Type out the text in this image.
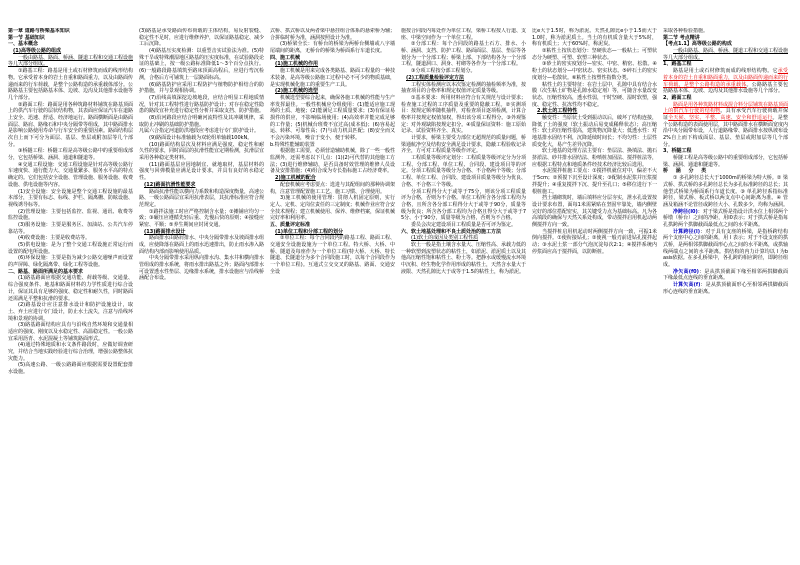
第一章 道路与桥梁基本知识

第一节 基础知识

一、基本概念

(1)高等级公路的组成

一般由路基、路面、桥涵、隧道工程和交通工程设施等几大部分组成。

①路基工程：路基是用土或石材修筑而成的线形结构物。它承受着本身的岩土自重和路面重力，以及由路面传递而来的行车荷载，是整个公路构造的承重载体部分。公路路基主要包括路基本体、边坡、边沟及其他排水设施等几个部分。

②路面工程：路面是用各种筑路材料铺筑在路基顶面上的供汽车行驶的层状结构物，其表面应保证汽车在道路上安全、迅速、舒适、经济地运行。路面横断面是由路面面层、路肩、路缘石和中央分隔带等组成，其中路面排水是影响公路使用寿命与行车安全的重要因素。路面结构层次自上而下可分为面层、基层、垫层或附加层等几个部分。

③桥隧工程：桥隧工程是高等级公路中的重要组成部分，它包括桥梁、涵洞、通道和隧道等。

④交通工程设施：交通工程设施是针对高等级公路行车速度快、通行能力大、交通量繁多、服务水平高的特点确定的。它们包括安全设施、管理设施、服务设施、收费设施、供电设施等内容。

(1)安全设施：安全设施是整个交通工程设施的最基本部分，主要有标志、标线、护栏、隔离栅、防眩设施、视线诱导标等。

(2)管理设施：主要包括监控、监视、通讯、收费等监控设施。

(3)服务设施：主要是服务区、加油站、公共汽车停靠站等。

(4)收费设施：主要是收费站等。

(5)供电设施：是为了整个交通工程设施正常运行而设置的配电所设施。

(6)环保设施：主要是指为减少公路交通噪声而设置的声屏障、绿化隔离带、绿化工程等设施。

二、路基、路面所满足的基本要求

(1)路基路面应根据交通功能、荷载等级、交通量、综合强度条件、地基和路面材料的力学性质进行综合设计，保证其具有足够的强度、稳定性和耐久性，同时路面还需满足平整和抗滑的要求。

(2)路基设计应注意排水设计和防护设施设计，取土、弃土应进行专门设计，防止水土流失，注意与沿线环境和景观的协调。

(3)路基路面结构应具有与沿线自然环境和交通量相适应的强度、刚度以及水稳定性、高温稳定性。一般公路宜采用沥青、水泥混凝土等铺筑路面形式。

(4)通过特殊地质和水文条件路段时，应做好调查研究，并结合当地实践经验进行综合治理，增强公路整体抗灾能力。

(5)高速公路、一级公路路面应根据需要设置配套排水设施。

(3)路基是承受路面传布荷载的主体结构，易反射裂缝、稳定性不足时，应进行维修养护，以保证路基稳定、减少工后沉降。

(4)路基压实度检测：以重型击实试验法为准。(5)特殊干旱或特殊潮湿地区路基的压实度标准，在试验路段论证的基础上，按一级公路标准降低1～3个百分点执行。(6)一般路段路基填筑至路床顶面高程后，应进行弯沉检测，合格后方可铺筑上一层路面标高。

(6)路基防护应采用工程防护与植物防护相结合的防护措施，并与景观相协调。

(7)沿线高填深挖边坡地段，应结合明显工程地质情况，针对其工程特性进行路基防护设计；对存在稳定性隐患的路段宜补充进行稳定性分析并采取支挡、防护措施。

(8)沿河路段应结合明确河流特性及其冲刷规律，采取防止冲刷的基础防护措施。

凡属六合指定河道防洪地段应考虑进行专门防护设计。

(9)路面设计标准轴载为双轮组单轴载100kN。

(10)路面结构层次及材料应满足强度、稳定性和耐久性的要求，同时面层的抗滑性能宜定期检测，抗滑层宜采用各种稳定类材料。

(11)路面基层应因地制宜、就地取材，基层材料的强度与回弹模量应满足设计要求，并具有良好的水稳定性。

(12)路面抗滑性能要求

路面抗滑性能以横向力系数和构造深度衡量，高速公路、一级公路面层宜采用抗滑表层，其抗滑标准应符合规范规定。

①路拌法施工时应严格控制含水量；②摊铺应均匀一致；③碾压应遵循先轻后重、先慢后快的原则；④接缝应紧密、平顺；⑤养生期间应封闭交通。

(13)路面排水设计

路面排水由路肩排水、中央分隔带排水及坡面排水组成，应使降落在路面上的雨水迅速排出，防止雨水渗入路面结构内部而影响使用品质。

中央分隔带排水采用纵向排水沟、集水井和横向排水管组成的排水系统，将雨水排出路基之外；路面内部排水可设置透水性垫层、边缘排水系统，排水设施应与沿线桥涵配合布设。

式桥、拱式桥以及两者梁中悬挂组合体系的悬索桥为辅；合拼临时桥为准，涵洞按照设计为准。

(3)桥梁全长：有桥台的桥梁为两桥台侧墙或八字墙尾端间的距离，无桥台的桥梁为桥面系行车道长度。

四、施工机械

(1)施工机械的作用

施工机械是用来完成各类路基、路面工程量的一种技术装备，是高等级公路施工过程中必不可少的物质基础，是实现机械化施工的重要生产工具。

(2)施工机械的选型

机械选型要综合起来，确保各施工机械的性能与生产率发挥最佳。一般性机械应分组使用：(1)能适应施工现场的土质、地貌；(2)能满足工程质量要求；(3)有保证易损件的供应，不影响临场使用；(4)高效率并能完成足够的工作量；(5)机械台班费不宜过高(成本低)；(6)容易起运、转移、可靠性高；(7)与动力机具匹配；(8)安全而又不会污染环境，噪音于变小，便于转移。

b.特殊性能辅助装置

根据施工需要，必须营造辅助机械，除了一些一般性监测外，还需考虑以下几点：(1)(2)可代替的其他施工方法；(3)进行维修辅助，是否具备时效管理的维修人员设备及安排措施；(4)组合成为专长指标施工占经济费率。

2)施工机械的配合

配套机械应考虑要点：选进与其配组间的那种协调架构，注意管理配置施工工艺、施工习惯、合理使用。

3)施工机械的使用管理：贯彻人机固定原则，实行定人、定机、定岗位责任的三定制度；机械作业应符合安全技术规程；建立机械使用、保养、维修档案，保证机械完好率和利用率。

五、质量评定标准

(1)单位工程和分部工程的划分

②单位工程：每个合同段内的路基工程、路面工程、交通安全设施设施为一个单位工程。特大桥、大桥、中桥、隧道及每座作为一个单位工程(特大桥、大桥、特长隧道、长隧道分为多个合同段施工时，以每个合同段作为一个单位工程)。互通式立交交叉的路基、路面、交通安全设

施按合同段内每处作为单位工程，梁桥工程按人行道、支座、中梁空间作为一个单位工程。

②分部工程：每个合同段的路基土石方、排水、小桥、涵洞、支挡、防护工程、路面面层、基层、垫层等各划分为一个分部工程；桥梁上部、下部结构各为一个分部工程，隧道洞口、洞身、衬砌等各作为一个分部工程。

③分项工程按分部工程划分。

(2)工程质量检验评定方法

工程实体检测应以本次鉴定检测的抽检频率为准，按抽查项目的合格率和规定权值评定质量等级。

①基本要求：所用材料应符合有关规范与设计要求；检查施工过程的工序质量及重要的隐蔽工程。②实测项目：按规定频率随机抽样，对检查项目逐项检测，计算合格率并按规定权值加权，得出该分项工程得分。③外观鉴定：对外观缺陷按规定扣分。④质量保证资料：施工原始记录、试验资料齐全、真实。

计要求，桥梁主要受力部位无超规范的质量问题，桥梁通航净空及结构安全满足设计要求，隐蔽工程验收记录齐全，方可对工程质量等级作评定。

工程质量等级评定划分：工程质量等级评定分为分项工程、分部工程、单位工程、合同段、建设项目等的评定。分项工程质量等级分为合格、不合格两个等级；分部工程、单位工程、合同段、建设项目质量等级分为优良、合格、不合格三个等级。

分项工程得分大于或等于75分，则该分项工程质量评为合格，否则为不合格。单位工程所含各分部工程均为合格，且所含各分部工程得分大于或等于90分，质量等级为优良；所含各分部工程均为合格且得分大于或等于75分、小于90分，质量等级为合格，否则为不合格。

委员会决定建设项目工程质量是否可评为鉴定。

六、软土地基处理和不良土质处治的施工方法

(1)软土的成因及类别工程性质

软土一般是指土壤含水量大、压缩性高、承载力低的一种软塑到流塑状态的粘性土，如淤泥、淤泥质土以及其他高压缩性饱和粘性土、粉土等。把静水或缓慢流水环境中沉积、经生物化学作用形成的粘性土，天然含水量大于液限、天然孔隙比大于或等于1.5的粘性土，称为淤泥。

比e大于1.5时，称为淤泥。天然孔隙比e小于1.5而大于1.0时，称为淤泥质土。当土的有机质含量大于5%时，称有机质土；大于60%时，称泥炭。

②粘性土按状态划分：坚硬状态—一般粘土；可塑状态分为硬塑、可塑、软塑三种状态。

③砂土的密实度划分—密实、中密、稍密、松散。④粉土的状态划分—中密状态、密实状态。⑤碎石土的密实度划分—松散状。⑥粘性土按塑性指数分类。

粘性土的主要特征：在岩土层中，孔隙中具有结合水膜（次生粘土矿物是孔隙水稳定剂）等，可随含水量改变状态，压缩性较高，透水性弱，干时坚硬、湿时软塑，强度、稳定性、抗冻性均不稳定。

2.软土的工程特性

触变性：当原状土受到振动以后，破坏了结构连接，降低了土的强度（软土振动后易变成稀释状态）；高压缩性：软土的压缩性很高，建筑物沉降量大；低透水性：对地基排水固结不利，沉降延续时间长；不均匀性：土层性质变化大，易产生差异沉降。

软土地基的处理方法主要有：垫层法、换填法、抛石挤淤法、砂井排水固结法、粉喷桩加固法、搅拌桩法等，应根据工程特点和地质条件经技术经济比较后选用。

水泥搅拌桩施工要点：①搅拌机就位对中，偏差不大于5cm；②预搅下沉至设计深度；③配制水泥浆并压浆搅拌提升；④重复搅拌下沉、提升至孔口；⑤移位进行下一根桩施工。

挡土墙砌筑时，墙后填料应分层夯实，泄水孔设置按设计要求布置，面每1米需紧贴在坚固牢靠处，墙内侧壁完好的部位搭配密实，其关键受力点为基础标高。凡为各高填段的确保与天然关系处构成，带动搅拌启用机起动两侧搅拌方向一致。

当搅拌桩启用机起动时两侧搅拌方向一致，可振1米倒向搅拌。①使衔接钻孔；②使视一般刃前进钻孔搅拌起动；③水泥土浆一部分气泡沉淀每次2:1；④搅拌系统内停浆面应高于搅拌面，以防断桩。

采取各种检验措施。

第二节 考点精讲

【考点1.1】高等级公路的构成

一般由路基、路面、桥涵、隧道工程和交通工程设施等几大部分组成。

1、路基工程

路基是用土或石材修筑而成的线形结构物。它承受着本身的岩土自重和路面重力，以及由路面传递而来的行车荷载，是整个公路构造的承重载体。公路路基主要包括路基本体、边坡、边沟及其他排水设施等几个部分。

2、路面工程

路面是用各种筑路材料或混合料分层铺筑在路基顶面上的供汽车行驶的结构物。具有承受汽车行驶荷载并保证全天候、坚实、平整、高速、安全和舒适运行。是整个公路构造的表面使用层，其中路面排水在横断面宽度内沿中央分隔带布设，人行道路缘带、路面排水按纵坡布设2%自上而下构成面层、基层、垫层或附加层等几个部分。

3、桥隧工程

桥隧工程是高等级公路中的重要组成部分，它包括桥梁、涵洞、通道和隧道等。

桥 涵 分 类

① 多孔跨径总长大于1000m的桥梁为特大桥。② 梁式桥、拱式桥的多孔跨径总长为多孔标准跨径的总长；其他型式桥梁为桥面系行车道长度。③ 单孔跨径系指标准跨径，梁式桥、板式桥以两支点中心间距离为准。④ 管涵及箱涵不论管径或跨径大小、孔数多少，均称为涵洞。

净跨径(l0)：对于梁式桥是指设计洪水位上相邻两个桥墩（桥台）之间的净距，用l0表示；对于拱式桥是指每孔拱跨两个拱脚截面最低点之间的水平距离。

计算跨径(l)：对于具有支座的桥梁，是指桥跨结构两个支座中心之间的距离，用 l 表示；对于不设支座的拱式桥，是两相邻拱脚截面形心点之间的水平距离，或拱轴线两端点之间的水平距离。拱结构的内力计算均以 l 为basis依据。在多孔桥梁中，各孔跨的相应跨径，即跨径组成。

净矢高(f0)：是从拱顶截面下缘至相邻两拱脚截面下缘最低点连线的垂直距离。

计算矢高(f)：是从拱顶截面形心至相邻两拱脚截面形心连线的垂直距离。
